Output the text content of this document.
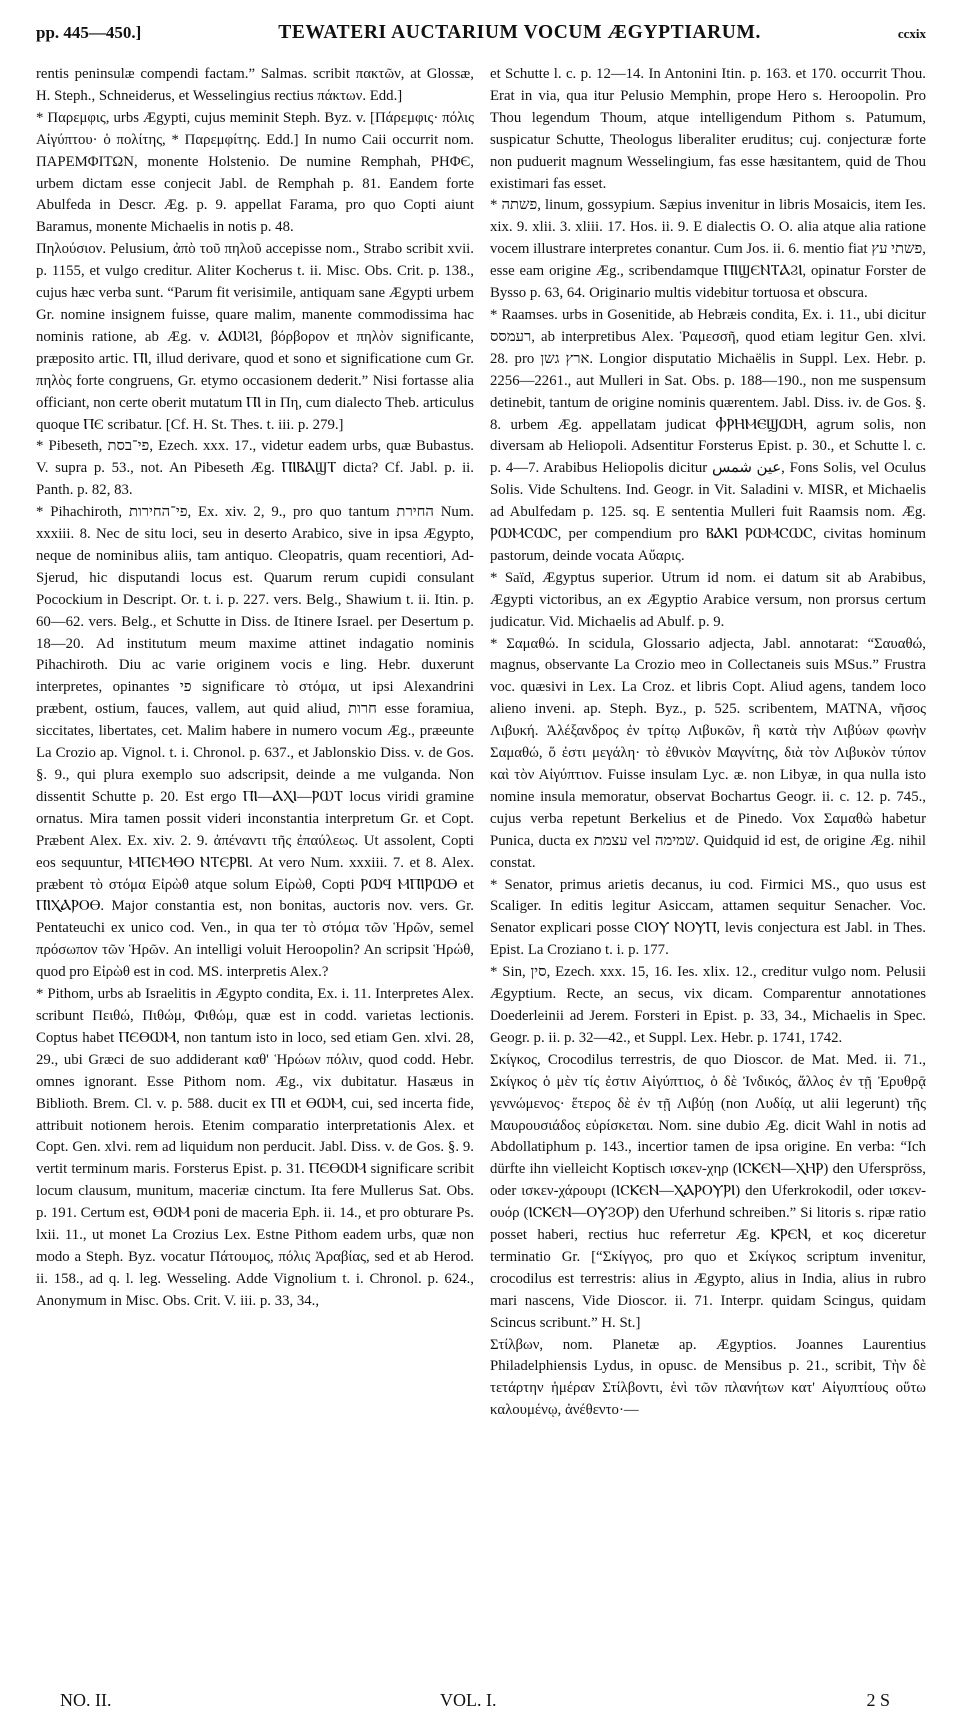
pp. 445—450.]	TEWATERI AUCTARIUM VOCUM ÆGYPTIARUM.	ccxix

rentis peninsulæ compendi factam.” Salmas. scribit πακτῶν, at Glossæ, H. Steph., Schneiderus, et Wesselingius rectius πάκτων. Edd.]

* Παρεμφις, urbs Ægypti, cujus meminit Steph. Byz. v. [Πάρεμφις· πόλις Αἰγύπτου· ὁ πολίτης, * Παρεμφίτης. Edd.] In numo Caii occurrit nom. ΠΑΡΕΜΦΙΤΩΝ, monente Holstenio. De numine Remphah, ΡΗΦЄ, urbem dictam esse conjecit Jabl. de Remphah p. 81. Eandem forte Abulfeda in Descr. Æg. p. 9. appellat Farama, pro quo Copti aiunt Baramus, monente Michaelis in notis p. 48.

Πηλούσιον. Pelusium, ἀπὸ τοῦ πηλοῦ accepisse nom., Strabo scribit xvii. p. 1155, et vulgo creditur. Aliter Kocherus t. ii. Misc. Obs. Crit. p. 138., cujus hæc verba sunt. “Parum fit verisimile, antiquam sane Ægypti urbem Gr. nomine insignem fuisse, quare malim, manente commodissima hac nominis ratione, ab Æg. v. ⲀⲰⲒϨⲒ, βόρβορον et πηλὸν significante, præposito artic. ⲠⲒ, illud derivare, quod et sono et significatione cum Gr. πηλὸς forte congruens, Gr. etymo occasionem dederit.” Nisi fortasse alia officiant, non certe oberit mutatum ⲠⲒ in Πη, cum dialecto Theb. articulus quoque ⲠЄ scribatur. [Cf. H. St. Thes. t. iii. p. 279.]

* Pibeseth, פי־בסת, Ezech. xxx. 17., videtur eadem urbs, quæ Bubastus. V. supra p. 53., not. An Pibeseth Æg. ⲠⲒⲂⲀϢⲦ dicta? Cf. Jabl. p. ii. Panth. p. 82, 83.

* Pihachiroth, פי־החירות, Ex. xiv. 2, 9., pro quo tantum החירת Num. xxxiii. 8. Nec de situ loci, seu in deserto Arabico, sive in ipsa Ægypto, neque de nominibus aliis, tam antiquo. Cleopatris, quam recentiori, Ad-Sjerud, hic disputandi locus est. Quarum rerum cupidi consulant Pocockium in Descript. Or. t. i. p. 227. vers. Belg., Shawium t. ii. Itin. p. 60—62. vers. Belg., et Schutte in Diss. de Itinere Israel. per Desertum p. 18—20. Ad institutum meum maxime attinet indagatio nominis Pihachiroth. Diu ac varie originem vocis e ling. Hebr. duxerunt interpretes, opinantes פי significare τὸ στόμα, ut ipsi Alexandrini præbent, ostium, fauces, vallem, aut quid aliud, חרות esse foramiua, siccitates, libertates, cet. Malim habere in numero vocum Æg., præeunte La Crozio ap. Vignol. t. i. Chronol. p. 637., et Jablonskio Diss. v. de Gos. §. 9., qui plura exemplo suo adscripsit, deinde a me vulganda. Non dissentit Schutte p. 20. Est ergo ⲠⲒ—ⲀⲬⲒ—ⲢⲰⲦ locus viridi gramine ornatus. Mira tamen possit videri inconstantia interpretum Gr. et Copt. Præbent Alex. Ex. xiv. 2. 9. ἀπέναντι τῆς ἐπαύλεως. Ut assolent, Copti eos sequuntur, ⲘⲠЄⲘⲐⲞ ⲚⲦЄⲢⲂⲒ. At vero Num. xxxiii. 7. et 8. Alex. præbent τὸ στόμα Εἰρὼθ atque solum Εἰρὼθ, Copti ⲢⲰϤ ⲘⲠⲒⲢⲰⲐ et ⲠⲒⲬⲀⲢⲞⲐ. Major constantia est, non bonitas, auctoris nov. vers. Gr. Pentateuchi ex unico cod. Ven., in qua ter τὸ στόμα τῶν Ἡρῶν, semel πρόσωπον τῶν Ἡρῶν. An intelligi voluit Heroopolin? An scripsit Ἡρώθ, quod pro Εἰρὼθ est in cod. MS. interpretis Alex.?

* Pithom, urbs ab Israelitis in Ægypto condita, Ex. i. 11. Interpretes Alex. scribunt Πειθώ, Πιθώμ, Φιθώμ, quæ est in codd. varietas lectionis. Coptus habet ⲠЄⲐⲰⲘ, non tantum isto in loco, sed etiam Gen. xlvi. 28, 29., ubi Græci de suo addiderant καθ' Ἡρώων πόλιν, quod codd. Hebr. omnes ignorant. Esse Pithom nom. Æg., vix dubitatur. Hasæus in Biblioth. Brem. Cl. v. p. 588. ducit ex ⲠⲒ et ⲐⲰⲘ, cui, sed incerta fide, attribuit notionem herois. Etenim comparatio interpretationis Alex. et Copt. Gen. xlvi. rem ad liquidum non perducit. Jabl. Diss. v. de Gos. §. 9. vertit terminum maris. Forsterus Epist. p. 31. ⲠЄⲐⲰⲘ significare scribit locum clausum, munitum, maceriæ cinctum. Ita fere Mullerus Sat. Obs. p. 191. Certum est, ⲐⲰⲘ poni de maceria Eph. ii. 14., et pro obturare Ps. lxii. 11., ut monet La Crozius Lex. Estne Pithom eadem urbs, quæ non modo a Steph. Byz. vocatur Πάτουμος, πόλις Ἀραβίας, sed et ab Herod. ii. 158., ad q. l. leg. Wesseling. Adde Vignolium t. i. Chronol. p. 624., Anonymum in Misc. Obs. Crit. V. iii. p. 33, 34.,

et Schutte l. c. p. 12—14. In Antonini Itin. p. 163. et 170. occurrit Thou. Erat in via, qua itur Pelusio Memphin, prope Hero s. Heroopolin. Pro Thou legendum Thoum, atque intelligendum Pithom s. Patumum, suspicatur Schutte, Theologus liberaliter eruditus; cuj. conjecturæ forte non puduerit magnum Wesselingium, fas esse hæsitantem, quid de Thou existimari fas esset.

* פשתה, linum, gossypium. Sæpius invenitur in libris Mosaicis, item Ies. xix. 9. xlii. 3. xliii. 17. Hos. ii. 9. E dialectis O. O. alia atque alia ratione vocem illustrare interpretes conantur. Cum Jos. ii. 6. mentio fiat פשתי עץ, esse eam origine Æg., scribendamque ⲠⲒϢЄⲚⲦⲀϨⲒ, opinatur Forster de Bysso p. 63, 64. Originario multis videbitur tortuosa et obscura.

* Raamses. urbs in Gosenitide, ab Hebræis condita, Ex. i. 11., ubi dicitur רעמסס, ab interpretibus Alex. Ῥαμεσσῆ, quod etiam legitur Gen. xlvi. 28. pro ארץ גשן. Longior disputatio Michaëlis in Suppl. Lex. Hebr. p. 2256—2261., aut Mulleri in Sat. Obs. p. 188—190., non me suspensum detinebit, tantum de origine nominis quærentem. Jabl. Diss. iv. de Gos. §. 8. urbem Æg. appellatam judicat ⲪⲢⲎⲘⲈϢⲰⲎ, agrum solis, non diversam ab Heliopoli. Adsentitur Forsterus Epist. p. 30., et Schutte l. c. p. 4—7. Arabibus Heliopolis dicitur عين شمس, Fons Solis, vel Oculus Solis. Vide Schultens. Ind. Geogr. in Vit. Saladini v. MISR, et Michaelis ad Abulfedam p. 125. sq. E sententia Mulleri fuit Raamsis nom. Æg. ⲢⲰⲘⲤⲰⲤ, per compendium pro ⲂⲀⲔⲒ ⲢⲰⲘⲤⲰⲤ, civitas hominum pastorum, deinde vocata Αὔαρις.

* Saïd, Ægyptus superior. Utrum id nom. ei datum sit ab Arabibus, Ægypti victoribus, an ex Ægyptio Arabice versum, non prorsus certum judicatur. Vid. Michaelis ad Abulf. p. 9.

* Σαμαθώ. In scidula, Glossario adjecta, Jabl. annotarat: “Σαυαθώ, magnus, observante La Crozio meo in Collectaneis suis MSus.” Frustra voc. quæsivi in Lex. La Croz. et libris Copt. Aliud agens, tandem loco alieno inveni. ap. Steph. Byz., p. 525. scribentem, ΜΑΤΝΑ, νῆσος Λιβυκή. Ἀλέξανδρος ἐν τρίτῳ Λιβυκῶν, ἣ κατὰ τὴν Λιβύων φωνὴν Σαμαθώ, ὅ ἐστι μεγάλη· τὸ ἐθνικὸν Μαγνίτης, διὰ τὸν Λιβυκὸν τύπον καὶ τὸν Αἰγύπτιον. Fuisse insulam Lyc. æ. non Libyæ, in qua nulla isto nomine insula memoratur, observat Bochartus Geogr. ii. c. 12. p. 745., cujus verba repetunt Berkelius et de Pinedo. Vox Σαμαθὼ habetur Punica, ducta ex עצמת vel שמימה. Quidquid id est, de origine Æg. nihil constat.

* Senator, primus arietis decanus, iu cod. Firmici MS., quo usus est Scaliger. In editis legitur Asiccam, attamen sequitur Senacher. Voc. Senator explicari posse ⲤⲒⲞⲨ ⲚⲞⲨⲠ, levis conjectura est Jabl. in Thes. Epist. La Croziano t. i. p. 177.

* Sin, סין, Ezech. xxx. 15, 16. Ies. xlix. 12., creditur vulgo nom. Pelusii Ægyptium. Recte, an secus, vix dicam. Comparentur annotationes Doederleinii ad Jerem. Forsteri in Epist. p. 33, 34., Michaelis in Spec. Geogr. p. ii. p. 32—42., et Suppl. Lex. Hebr. p. 1741, 1742.

Σκίγκος, Crocodilus terrestris, de quo Dioscor. de Mat. Med. ii. 71., Σκίγκος ὁ μὲν τίς ἐστιν Αἰγύπτιος, ὁ δὲ Ἰνδικός, ἄλλος ἐν τῇ Ἐρυθρᾷ γεννώμενος· ἕτερος δὲ ἐν τῇ Λιβύῃ (non Λυδίᾳ, ut alii legerunt) τῆς Μαυρουσιάδος εὑρίσκεται. Nom. sine dubio Æg. dicit Wahl in notis ad Abdollatiphum p. 143., incertior tamen de ipsa origine. En verba: “Ich dürfte ihn vielleicht Koptisch ισκεν-χηρ (ⲒⲤⲔЄⲚ—ⲬⲎⲢ) den Uferspröss, oder ισκεν-χάρουρι (ⲒⲤⲔЄⲚ—ⲬⲀⲢⲞⲨⲢⲒ) den Uferkrokodil, oder ισκεν-ουόρ (ⲒⲤⲔЄⲚ—ⲞⲨϨⲞⲢ) den Uferhund schreiben.” Si litoris s. ripæ ratio posset haberi, rectius huc referretur Æg. ⲔⲢЄⲚ, et κος diceretur terminatio Gr. [“Σκίγγος, pro quo et Σκίγκος scriptum invenitur, crocodilus est terrestris: alius in Ægypto, alius in India, alius in rubro mari nascens, Vide Dioscor. ii. 71. Interpr. quidam Scingus, quidam Scincus scribunt.” H. St.]

Στίλβων, nom. Planetæ ap. Ægyptios. Joannes Laurentius Philadelphiensis Lydus, in opusc. de Mensibus p. 21., scribit, Τὴν δὲ τετάρτην ἡμέραν Στίλβοντι, ἑνὶ τῶν πλανήτων κατ' Αἰγυπτίους οὕτω καλουμένῳ, ἀνέθεντο·—

NO. II.	VOL. I.	2 S
